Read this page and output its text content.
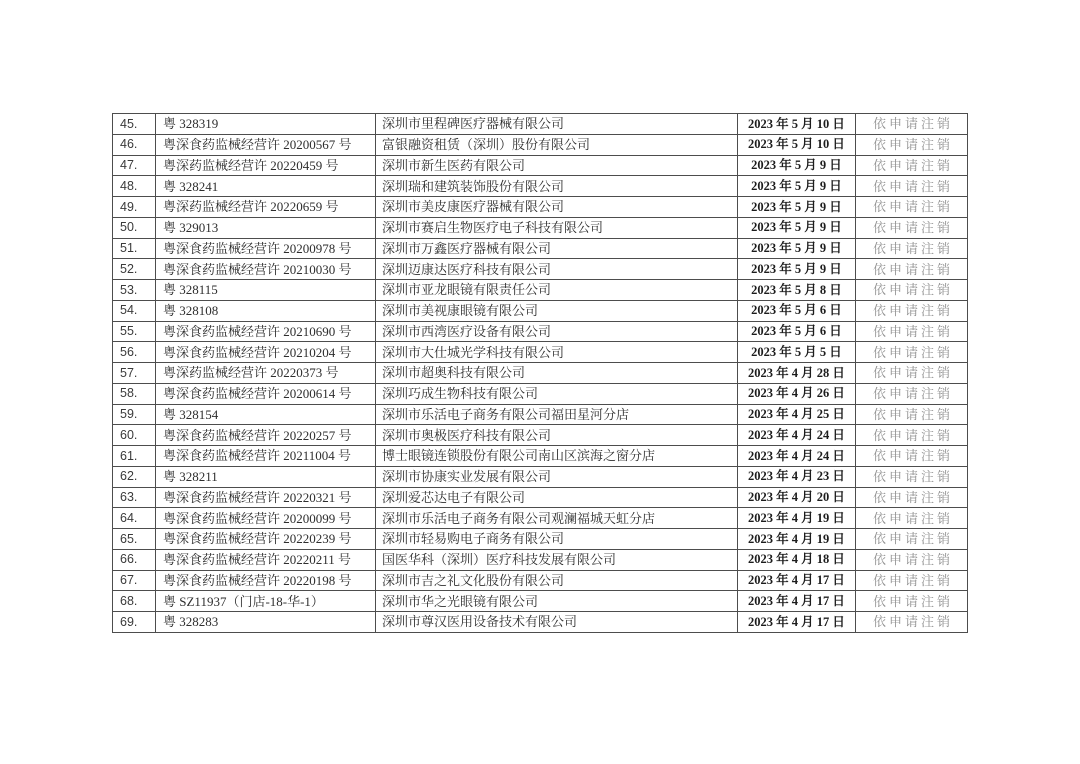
45.	粤 328319	深圳市里程碑医疗器械有限公司	2023 年 5 月 10 日	依申请注销
46.	粤深食药监械经营许 20200567 号	富银融资租赁（深圳）股份有限公司	2023 年 5 月 10 日	依申请注销
47.	粤深药监械经营许 20220459 号	深圳市新生医药有限公司	2023 年 5 月 9 日	依申请注销
48.	粤 328241	深圳瑞和建筑装饰股份有限公司	2023 年 5 月 9 日	依申请注销
49.	粤深药监械经营许 20220659 号	深圳市美皮康医疗器械有限公司	2023 年 5 月 9 日	依申请注销
50.	粤 329013	深圳市赛启生物医疗电子科技有限公司	2023 年 5 月 9 日	依申请注销
51.	粤深食药监械经营许 20200978 号	深圳市万鑫医疗器械有限公司	2023 年 5 月 9 日	依申请注销
52.	粤深食药监械经营许 20210030 号	深圳迈康达医疗科技有限公司	2023 年 5 月 9 日	依申请注销
53.	粤 328115	深圳市亚龙眼镜有限责任公司	2023 年 5 月 8 日	依申请注销
54.	粤 328108	深圳市美视康眼镜有限公司	2023 年 5 月 6 日	依申请注销
55.	粤深食药监械经营许 20210690 号	深圳市西湾医疗设备有限公司	2023 年 5 月 6 日	依申请注销
56.	粤深食药监械经营许 20210204 号	深圳市大仕城光学科技有限公司	2023 年 5 月 5 日	依申请注销
57.	粤深药监械经营许 20220373 号	深圳市超奥科技有限公司	2023 年 4 月 28 日	依申请注销
58.	粤深食药监械经营许 20200614 号	深圳巧成生物科技有限公司	2023 年 4 月 26 日	依申请注销
59.	粤 328154	深圳市乐活电子商务有限公司福田星河分店	2023 年 4 月 25 日	依申请注销
60.	粤深食药监械经营许 20220257 号	深圳市奥极医疗科技有限公司	2023 年 4 月 24 日	依申请注销
61.	粤深食药监械经营许 20211004 号	博士眼镜连锁股份有限公司南山区滨海之窗分店	2023 年 4 月 24 日	依申请注销
62.	粤 328211	深圳市协康实业发展有限公司	2023 年 4 月 23 日	依申请注销
63.	粤深食药监械经营许 20220321 号	深圳爱芯达电子有限公司	2023 年 4 月 20 日	依申请注销
64.	粤深食药监械经营许 20200099 号	深圳市乐活电子商务有限公司观澜福城天虹分店	2023 年 4 月 19 日	依申请注销
65.	粤深食药监械经营许 20220239 号	深圳市轻易购电子商务有限公司	2023 年 4 月 19 日	依申请注销
66.	粤深食药监械经营许 20220211 号	国医华科（深圳）医疗科技发展有限公司	2023 年 4 月 18 日	依申请注销
67.	粤深食药监械经营许 20220198 号	深圳市吉之礼文化股份有限公司	2023 年 4 月 17 日	依申请注销
68.	粤 SZ11937（门店-18-华-1）	深圳市华之光眼镜有限公司	2023 年 4 月 17 日	依申请注销
69.	粤 328283	深圳市尊汉医用设备技术有限公司	2023 年 4 月 17 日	依申请注销
